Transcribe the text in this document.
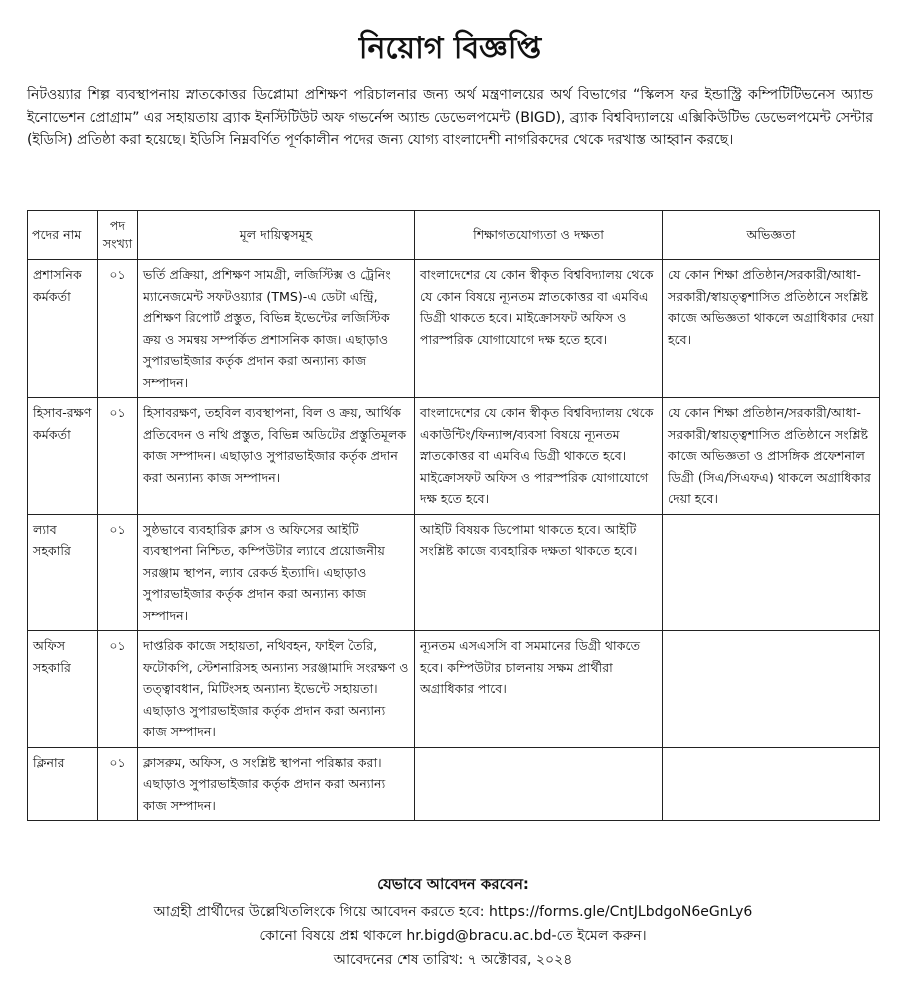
নিয়োগ বিজ্ঞপ্তি

নিটওয়্যার শিল্প ব্যবস্থাপনায় স্নাতকোত্তর ডিপ্লোমা প্রশিক্ষণ পরিচালনার জন্য অর্থ মন্ত্রণালয়ের অর্থ বিভাগের “স্কিলস ফর ইন্ডাস্ট্রি কম্পিটিটিভনেস অ্যান্ড ইনোভেশন প্রোগ্রাম” এর সহায়তায় ব্র্যাক ইনস্টিটিউট অফ গভর্নেন্স অ্যান্ড ডেভেলপমেন্ট (BIGD), ব্র্যাক বিশ্ববিদ্যালয়ে এক্সিকিউটিভ ডেভেলপমেন্ট সেন্টার (ইডিসি) প্রতিষ্ঠা করা হয়েছে। ইডিসি নিম্নবর্ণিত পূর্ণকালীন পদের জন্য যোগ্য বাংলাদেশী নাগরিকদের থেকে দরখাস্ত আহ্বান করছে।

পদের নাম	পদ সংখ্যা	মূল দায়িত্বসমূহ	শিক্ষাগতযোগ্যতা ও দক্ষতা	অভিজ্ঞতা
প্রশাসনিক কর্মকর্তা	০১	ভর্তি প্রক্রিয়া, প্রশিক্ষণ সামগ্রী, লজিস্টিক্স ও ট্রেনিং ম্যানেজমেন্ট সফটওয়্যার (TMS)-এ ডেটা এন্ট্রি, প্রশিক্ষণ রিপোর্ট প্রস্তুত, বিভিন্ন ইভেন্টের লজিস্টিক ক্রয় ও সমন্বয় সম্পর্কিত প্রশাসনিক কাজ। এছাড়াও সুপারভাইজার কর্তৃক প্রদান করা অন্যান্য কাজ সম্পাদন।	বাংলাদেশের যে কোন স্বীকৃত বিশ্ববিদ্যালয় থেকে যে কোন বিষয়ে ন্যূনতম স্নাতকোত্তর বা এমবিএ ডিগ্রী থাকতে হবে। মাইক্রোসফট অফিস ও পারস্পরিক যোগাযোগে দক্ষ হতে হবে।	যে কোন শিক্ষা প্রতিষ্ঠান/সরকারী/আধা-সরকারী/স্বায়ত্ত্বশাসিত প্রতিষ্ঠানে সংশ্লিষ্ট কাজে অভিজ্ঞতা থাকলে অগ্রাধিকার দেয়া হবে।
হিসাব-রক্ষণ কর্মকর্তা	০১	হিসাবরক্ষণ, তহবিল ব্যবস্থাপনা, বিল ও ক্রয়, আর্থিক প্রতিবেদন ও নথি প্রস্তুত, বিভিন্ন অডিটের প্রস্তুতিমূলক কাজ সম্পাদন। এছাড়াও সুপারভাইজার কর্তৃক প্রদান করা অন্যান্য কাজ সম্পাদন।	বাংলাদেশের যে কোন স্বীকৃত বিশ্ববিদ্যালয় থেকে একাউন্টিং/ফিন্যান্স/ব্যবসা বিষয়ে ন্যূনতম স্নাতকোত্তর বা এমবিএ ডিগ্রী থাকতে হবে। মাইক্রোসফট অফিস ও পারস্পরিক যোগাযোগে দক্ষ হতে হবে।	যে কোন শিক্ষা প্রতিষ্ঠান/সরকারী/আধা-সরকারী/স্বায়ত্ত্বশাসিত প্রতিষ্ঠানে সংশ্লিষ্ট কাজে অভিজ্ঞতা ও প্রাসঙ্গিক প্রফেশনাল ডিগ্রী (সিএ/সিএফএ) থাকলে অগ্রাধিকার দেয়া হবে।
ল্যাব সহকারি	০১	সুষ্ঠভাবে ব্যবহারিক ক্লাস ও অফিসের আইটি ব্যবস্থাপনা নিশ্চিত, কম্পিউটার ল্যাবে প্রয়োজনীয় সরঞ্জাম স্থাপন, ল্যাব রেকর্ড ইত্যাদি। এছাড়াও সুপারভাইজার কর্তৃক প্রদান করা অন্যান্য কাজ সম্পাদন।	আইটি বিষয়ক ডিপোমা থাকতে হবে। আইটি সংশ্লিষ্ট কাজে ব্যবহারিক দক্ষতা থাকতে হবে।	
অফিস সহকারি	০১	দাপ্তরিক কাজে সহায়তা, নথিবহন, ফাইল তৈরি, ফটোকপি, স্টেশনারিসহ অন্যান্য সরঞ্জামাদি সংরক্ষণ ও তত্ত্বাবধান, মিটিংসহ অন্যান্য ইভেন্টে সহায়তা। এছাড়াও সুপারভাইজার কর্তৃক প্রদান করা অন্যান্য কাজ সম্পাদন।	ন্যূনতম এসএসসি বা সমমানের ডিগ্রী থাকতে হবে। কম্পিউটার চালনায় সক্ষম প্রার্থীরা অগ্রাধিকার পাবে।	
ক্লিনার	০১	ক্লাসরুম, অফিস, ও সংশ্লিষ্ট স্থাপনা পরিষ্কার করা। এছাড়াও সুপারভাইজার কর্তৃক প্রদান করা অন্যান্য কাজ সম্পাদন।		

যেভাবে আবেদন করবেন:

আগ্রহী প্রার্থীদের উল্লেখিতলিংকে গিয়ে আবেদন করতে হবে: https://forms.gle/CntJLbdgoN6eGnLy6

কোনো বিষয়ে প্রশ্ন থাকলে hr.bigd@bracu.ac.bd-তে ইমেল করুন।

আবেদনের শেষ তারিখ: ৭ অক্টোবর, ২০২৪
